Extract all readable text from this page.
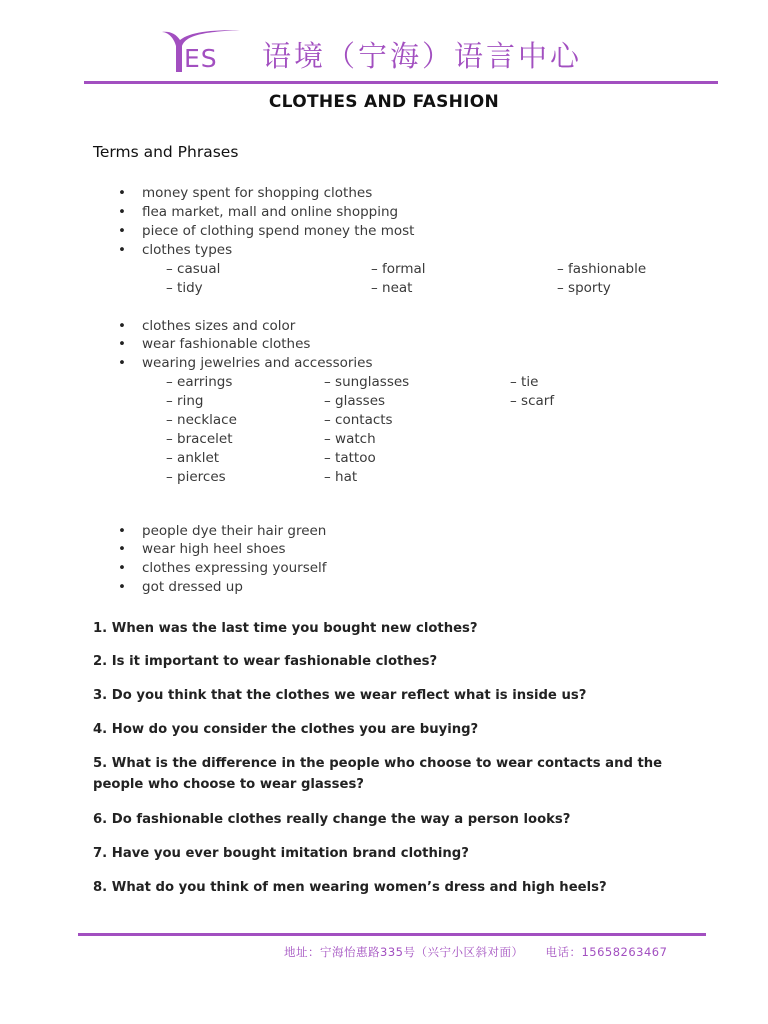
ES 语境（宁海）语言中心
CLOTHES AND FASHION
Terms and Phrases
• money spent for shopping clothes
• flea market, mall and online shopping
• piece of clothing spend money the most
• clothes types
– casual	– formal	– fashionable
– tidy	– neat	– sporty
• clothes sizes and color
• wear fashionable clothes
• wearing jewelries and accessories
– earrings	– sunglasses	– tie
– ring	– glasses	– scarf
– necklace	– contacts
– bracelet	– watch
– anklet	– tattoo
– pierces	– hat
• people dye their hair green
• wear high heel shoes
• clothes expressing yourself
• got dressed up
1. When was the last time you bought new clothes?
2. Is it important to wear fashionable clothes?
3. Do you think that the clothes we wear reflect what is inside us?
4. How do you consider the clothes you are buying?
5. What is the difference in the people who choose to wear contacts and the people who choose to wear glasses?
6. Do fashionable clothes really change the way a person looks?
7. Have you ever bought imitation brand clothing?
8. What do you think of men wearing women’s dress and high heels?
地址：宁海怡惠路335号（兴宁小区斜对面） 电话：15658263467
